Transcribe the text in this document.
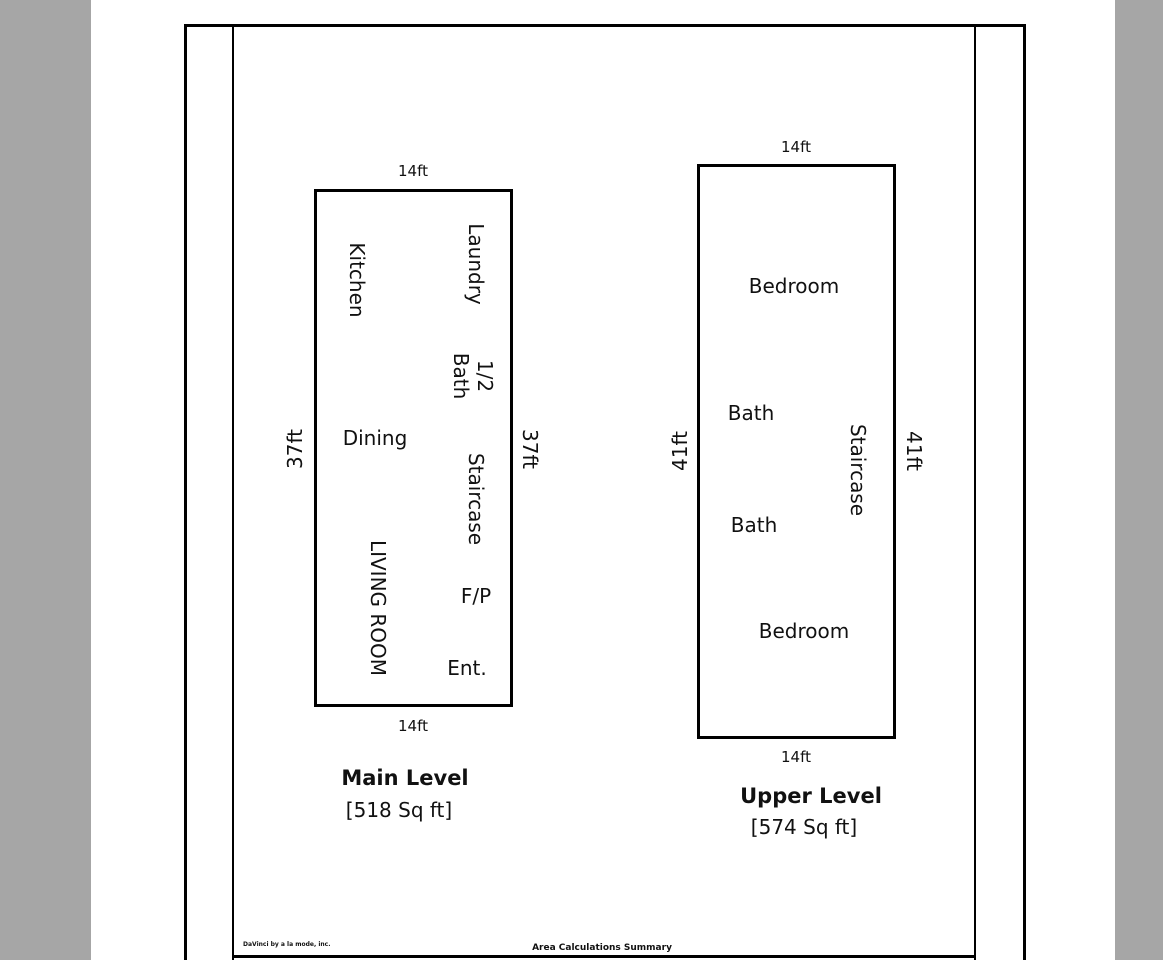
14ft
14ft
37ft	37ft
Kitchen	Laundry
1/2
Bath
Dining
Staircase
LIVING ROOM	F/P
Ent.
Main Level
[518 Sq ft]
14ft
14ft
41ft	41ft
Bedroom
Bath
Bath
Staircase
Bedroom
Upper Level
[574 Sq ft]
DaVinci by a la mode, inc.	Area Calculations Summary
